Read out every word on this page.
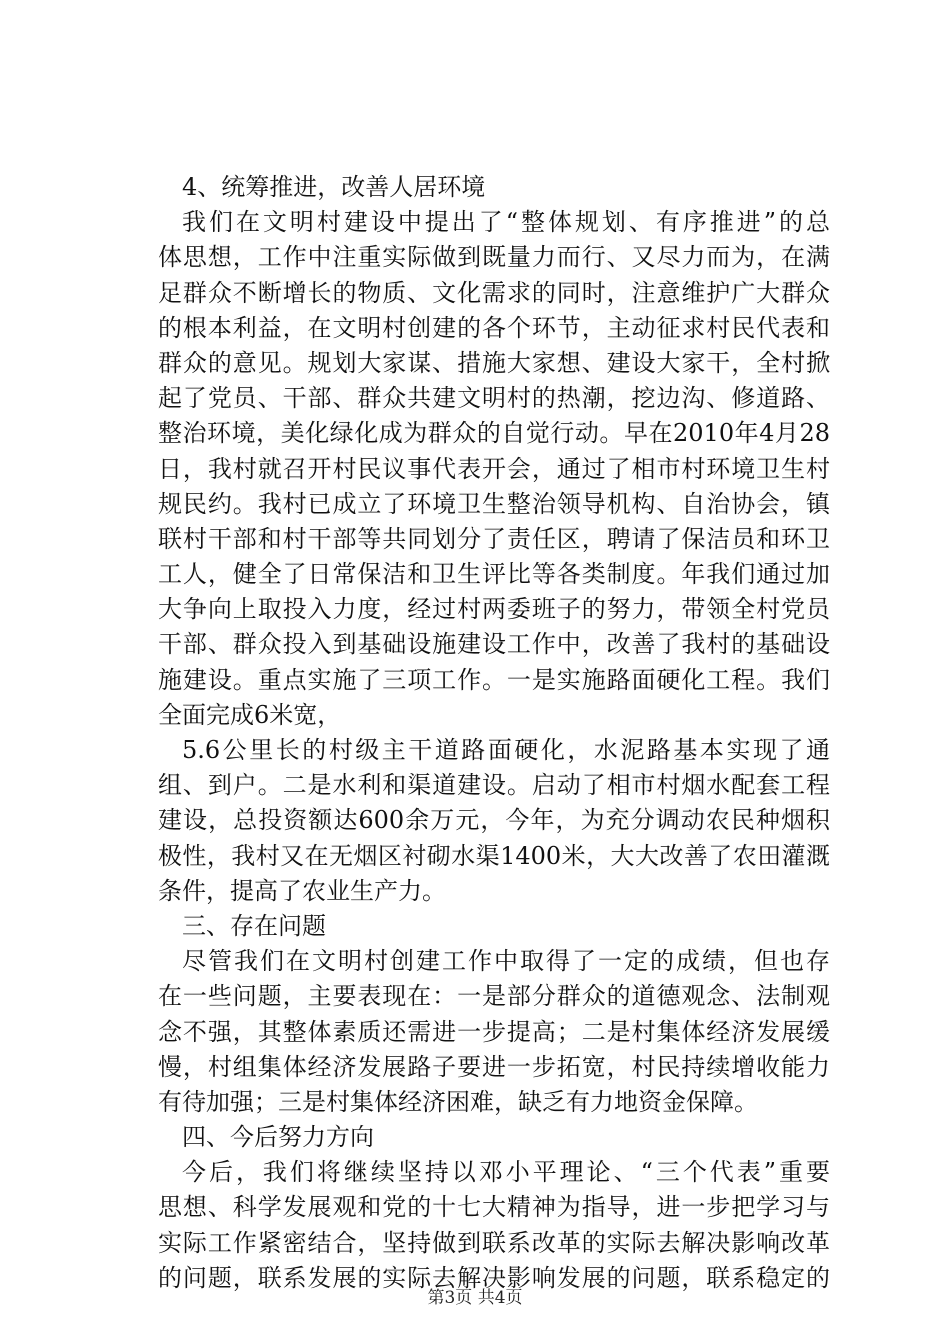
4、统筹推进，改善人居环境
我们在文明村建设中提出了“整体规划、有序推进”的总
体思想，工作中注重实际做到既量力而行、又尽力而为，在满
足群众不断增长的物质、文化需求的同时，注意维护广大群众
的根本利益，在文明村创建的各个环节，主动征求村民代表和
群众的意见。规划大家谋、措施大家想、建设大家干，全村掀
起了党员、干部、群众共建文明村的热潮，挖边沟、修道路、
整治环境，美化绿化成为群众的自觉行动。早在2010年4月28
日，我村就召开村民议事代表开会，通过了相市村环境卫生村
规民约。我村已成立了环境卫生整治领导机构、自治协会，镇
联村干部和村干部等共同划分了责任区，聘请了保洁员和环卫
工人，健全了日常保洁和卫生评比等各类制度。年我们通过加
大争向上取投入力度，经过村两委班子的努力，带领全村党员
干部、群众投入到基础设施建设工作中，改善了我村的基础设
施建设。重点实施了三项工作。一是实施路面硬化工程。我们
全面完成6米宽，
5.6公里长的村级主干道路面硬化，水泥路基本实现了通
组、到户。二是水利和渠道建设。启动了相市村烟水配套工程
建设，总投资额达600余万元，今年，为充分调动农民种烟积
极性，我村又在无烟区衬砌水渠1400米，大大改善了农田灌溉
条件，提高了农业生产力。
三、存在问题
尽管我们在文明村创建工作中取得了一定的成绩，但也存
在一些问题，主要表现在：一是部分群众的道德观念、法制观
念不强，其整体素质还需进一步提高；二是村集体经济发展缓
慢，村组集体经济发展路子要进一步拓宽，村民持续增收能力
有待加强；三是村集体经济困难，缺乏有力地资金保障。
四、今后努力方向
今后，我们将继续坚持以邓小平理论、“三个代表”重要
思想、科学发展观和党的十七大精神为指导，进一步把学习与
实际工作紧密结合，坚持做到联系改革的实际去解决影响改革
的问题，联系发展的实际去解决影响发展的问题，联系稳定的
第3页 共4页
